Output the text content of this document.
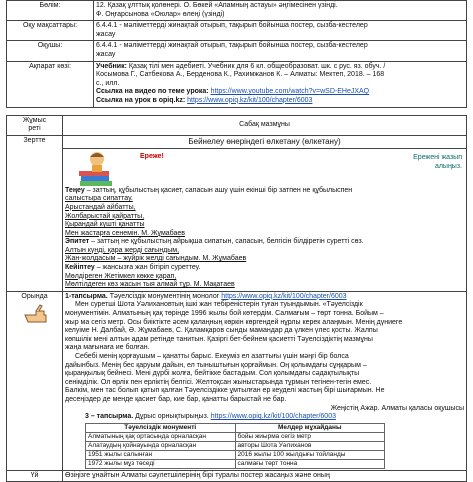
Бөлім:	12. Қазақ ұлттық қолөнері. О. Бөкей «Апамның астауы» әңгімесінен үзінді.
Ф. Оңғарсынова «Оюлар» өлеңі (үзінді)

Оқу мақсаттары:	6.4.4.1 - мәліметтерді жинақтай отырып, тақырып бойынша постер, сызба-кестелер
жасау

Оқушы:	6.4.4.1 - мәліметтерді жинақтай отырып, тақырып бойынша постер, сызба-кестелер
жасау

Ақпарат көзі:	Учебник: Қазақ тілі мен әдебиеті. Учебник для 6 кл. общеобразоват. шк. с рус. яз. обуч. /
Косымова Г., Сатбекова А., Берденова К., Рахимжанов К. – Алматы: Мектеп, 2018. – 168
с., илл.
Ссылка на видео по теме урока: https://www.youtube.com/watch?v=wSD-EHeJXAQ
Ссылка на урок в opiq.kz: https://www.opiq.kz/kit/100/chapter/6003
Жұмыс
реті
	Сабақ мазмұны
Зертте	Бейнелеу өнеріндегі өлкетану (өлкетану)
Ереже!	Ережені жазып
алыңыз.
Теңеу – заттың, құбылыстың қасиет, сапасын ашу үшін екінші бір затпен не құбылыспен
салыстыра сипаттау.
Арыстандай айбатты,
Жолбарыстай қайратты,
Қырандай күшті қанатты
Мен жастарға сенемін. М. Жұмабаев
Эпитет – заттың не құбылыстың айрықша сипатын, сапасын, белгісін білдіретін суретті сөз.
Алтын күнді, қара жерді сағындым,
Жан-жолдасым – жүйрік желді сағындым. М. Жұмабаев
Кейіптеу – жансызға жан бітіріп суреттеу.
Мөлдіреген Жетімкел көкке қарап,
Мөлтілдеген көз жасын тыя алмай тұр. М. Мақатаев

Орында	1-тапсырма. Тәуелсіздік монументінің монолог https://www.opiq.kz/kit/100/chapter/6003
Мен суретші Шота Уәлихановтың ішкі жан тебіреністерін туған туындымын. «Тәуелсіздік
монументімін. Алматының қақ төрінде 1996 жылы бой көтердім. Салмағым – төрт тонна. Бойым –
жыр ма сегіз метр. Осы биіктікте әсем қалаңның көркін көргендей нұрлы керек алаңмын. Менің дүниеге
келуіме Н. Далбай, Ә. Жұмабаев, С. Қаламқаров сынды мамандар да үлкен үлес қосты. Жалпы
көпшілік мені алтын адам ретінде танитын. Қазіргі бет-бейнем қасиетті Тәуелсіздіктің мазмұны
жаңа мағынаға ие болған.
Себебі менің қорғаушым – қанатты барыс. Екеуміз ел азаттығы үшін мәңгі бір болса
дайынбыз. Менің бес қаруым дайын, ел тыныштығын қорғаймын. Оң қолымдағы сұңқарым –
қыраңқылық бейнесі. Мені дүрбі жолға, бейтікке бастадым. Сол қолымдағы сәдақтылықты
сенімділік. Ол өрлік пен ерліктің белгісі. Желтоқсан жыныстарында тұрмын тегінен-тегін емес.
Балкім, мен тас болып қатып қалған Тәуелсіздікке ұмтылған ер кеуделі жастың бірі шығармын. Не
десеңіздер де менде қасиет бар, кие бар, қанатты барыстай не бар.
Жеңістің Ажар. Алматы қаласы оқушысы
3 – тапсырма. Дұрыс орнықтырыңыз. https://www.opiq.kz/kit/100/chapter/6003
Тәуелсіздік монументі	Мелдер мұхайданы
Алматының қақ ортасында орналасқан	бойы жиырма сегіз метр
Алатаудың қойнауында орналасқан	авторы Шота Уәлиханов
1951 жылы салынған	2016 жылы 100 жылдығы тойланды
1972 жылы мұз төседі	салмағы төрт тонна

Үй	Өзіңізге ұнайтын Алматы сәулетшілерінің бірі туралы постер жасаңыз және оның
